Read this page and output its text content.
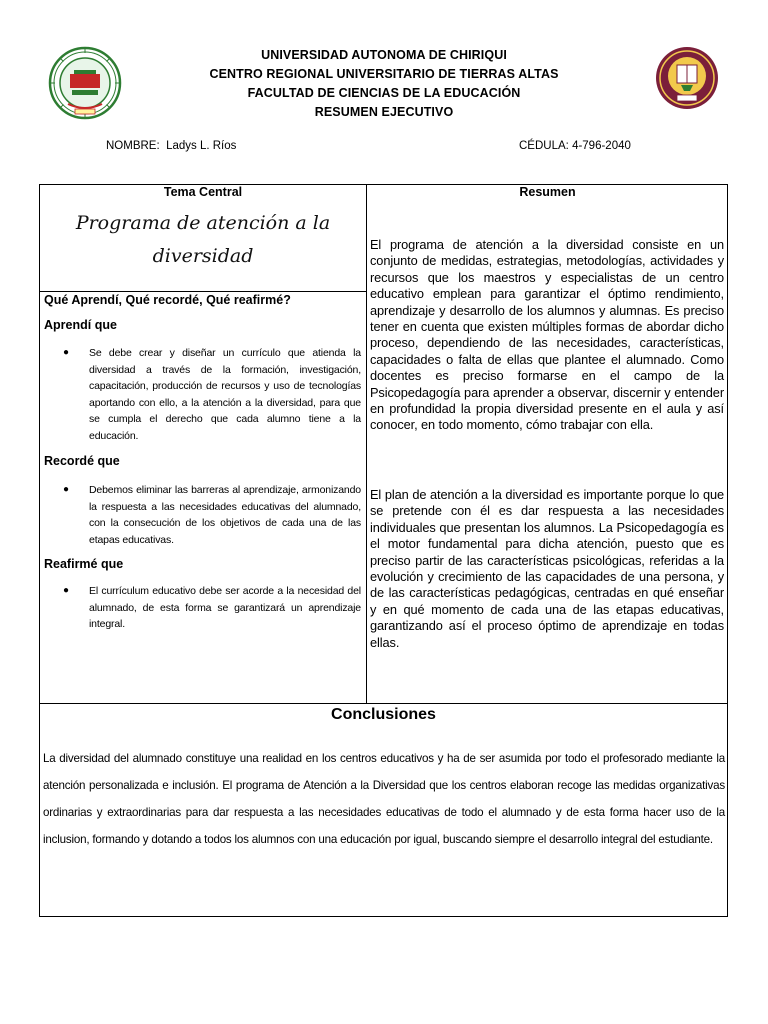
UNIVERSIDAD AUTONOMA DE CHIRIQUI
CENTRO REGIONAL UNIVERSITARIO DE TIERRAS ALTAS
FACULTAD DE CIENCIAS DE LA EDUCACIÓN
RESUMEN EJECUTIVO
NOMBRE: Ladys L. Ríos	CÉDULA: 4-796-2040
Tema Central
Programa de atención a la diversidad
Qué Aprendí, Qué recordé, Qué reafirmé?
Aprendí que
● Se debe crear y diseñar un currículo que atienda la diversidad a través de la formación, investigación, capacitación, producción de recursos y uso de tecnologías aportando con ello, a la atención a la diversidad, para que se cumpla el derecho que cada alumno tiene a la educación.
Recordé que
● Debemos eliminar las barreras al aprendizaje, armonizando la respuesta a las necesidades educativas del alumnado, con la consecución de los objetivos de cada una de las etapas educativas.
Reafirmé que
● El currículum educativo debe ser acorde a la necesidad del alumnado, de esta forma se garantizará un aprendizaje integral.
Resumen
El programa de atención a la diversidad consiste en un conjunto de medidas, estrategias, metodologías, actividades y recursos que los maestros y especialistas de un centro educativo emplean para garantizar el óptimo rendimiento, aprendizaje y desarrollo de los alumnos y alumnas. Es preciso tener en cuenta que existen múltiples formas de abordar dicho proceso, dependiendo de las necesidades, características, capacidades o falta de ellas que plantee el alumnado. Como docentes es preciso formarse en el campo de la Psicopedagogía para aprender a observar, discernir y entender en profundidad la propia diversidad presente en el aula y así conocer, en todo momento, cómo trabajar con ella.
El plan de atención a la diversidad es importante porque lo que se pretende con él es dar respuesta a las necesidades individuales que presentan los alumnos. La Psicopedagogía es el motor fundamental para dicha atención, puesto que es preciso partir de las características psicológicas, referidas a la evolución y crecimiento de las capacidades de una persona, y de las características pedagógicas, centradas en qué enseñar y en qué momento de cada una de las etapas educativas, garantizando así el proceso óptimo de aprendizaje en todas ellas.
Conclusiones
La diversidad del alumnado constituye una realidad en los centros educativos y ha de ser asumida por todo el profesorado mediante la atención personalizada e inclusión. El programa de Atención a la Diversidad que los centros elaboran recoge las medidas organizativas ordinarias y extraordinarias para dar respuesta a las necesidades educativas de todo el alumnado y de esta forma hacer uso de la inclusion, formando y dotando a todos los alumnos con una educación por igual, buscando siempre el desarrollo integral del estudiante.
